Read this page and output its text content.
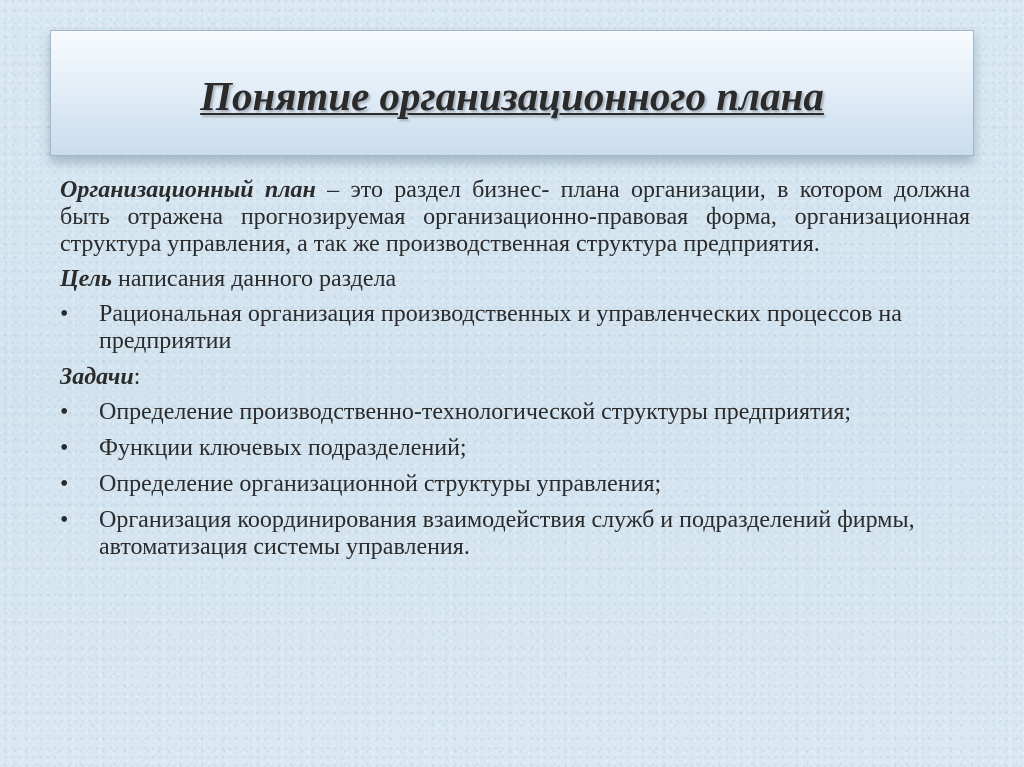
Понятие организационного плана

Организационный план – это раздел бизнес- плана организации, в котором должна быть отражена прогнозируемая организационно-правовая форма, организационная структура управления, а так же производственная структура предприятия.

Цель написания данного раздела

•	Рациональная организация производственных и управленческих процессов на предприятии

Задачи:

•	Определение производственно-технологической структуры предприятия;
•	Функции ключевых подразделений;
•	Определение организационной структуры управления;
•	Организация координирования взаимодействия служб и подразделений фирмы, автоматизация системы управления.
